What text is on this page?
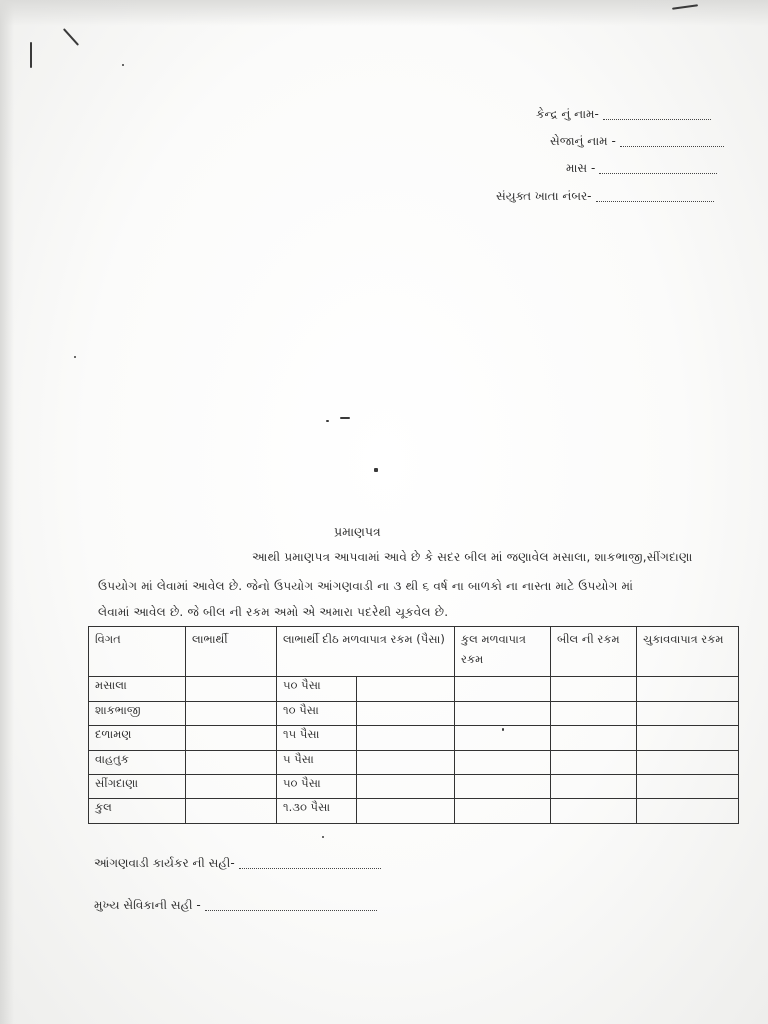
કેન્દ્ર નું નામ-
સેજાનું નામ -
માસ -
સંયુક્ત ખાતા નંબર-
પ્રમાણપત્ર
આથી પ્રમાણપત્ર આપવામાં આવે છે કે સદર બીલ માં જણાવેલ મસાલા, શાકભાજી,સીંગદાણા
ઉપયોગ માં લેવામાં આવેલ છે. જેનો ઉપયોગ આંગણવાડી ના ૩ થી ૬ વર્ષ ના બાળકો ના નાસ્તા માટે ઉપયોગ માં
લેવામાં આવેલ છે. જે બીલ ની રકમ અમો એ અમારા પદરેથી ચૂકવેલ છે.
વિગત	લાભાર્થી	લાભાર્થી દીઠ મળવાપાત્ર રકમ (પૈસા)		કુલ મળવાપાત્ર રકમ	બીલ ની રકમ	ચુકાવવાપાત્ર રકમ
મસાલા		૫૦ પૈસા				
શાકભાજી		૧૦ પૈસા				
દળામણ		૧૫ પૈસા				
વાહતુક		૫ પૈસા				
સીંગદાણા		૫૦ પૈસા				
કુલ		૧.૩૦ પૈસા				
આંગણવાડી કાર્યકર ની સહી-
મુખ્ય સેવિકાની સહી -
